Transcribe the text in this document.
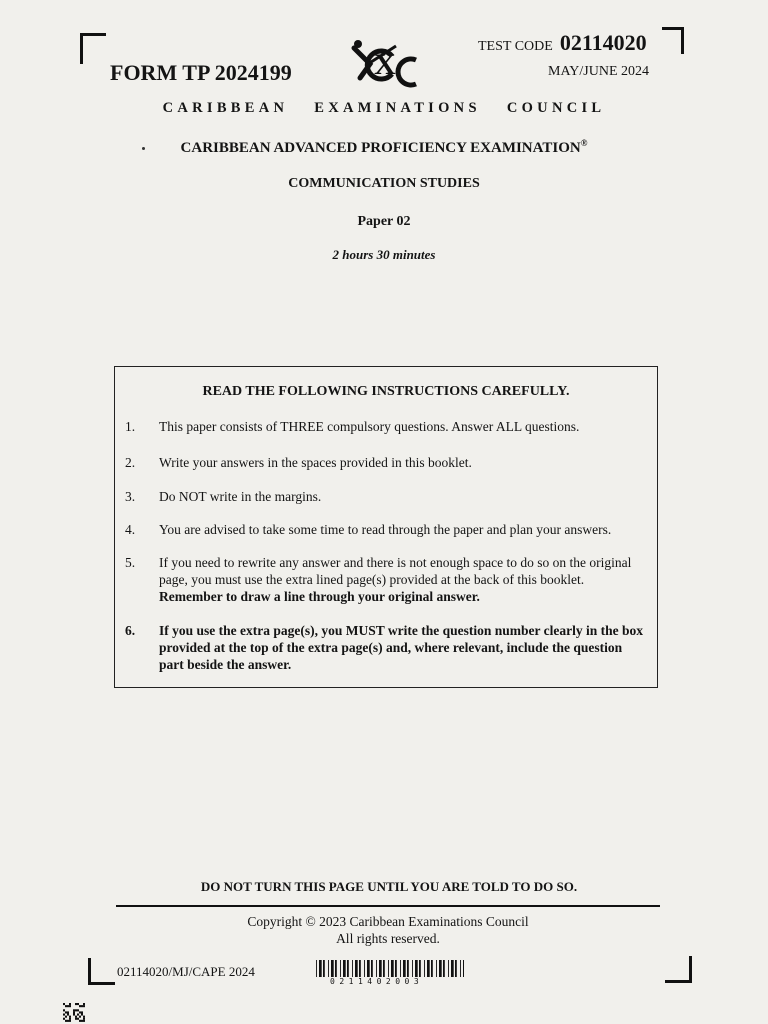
FORM TP 2024199	X
TEST CODE 02114020
MAY/JUNE 2024
CARIBBEAN EXAMINATIONS COUNCIL
CARIBBEAN ADVANCED PROFICIENCY EXAMINATION®
COMMUNICATION STUDIES
Paper 02
2 hours 30 minutes
READ THE FOLLOWING INSTRUCTIONS CAREFULLY.
1.	This paper consists of THREE compulsory questions. Answer ALL questions.
2.	Write your answers in the spaces provided in this booklet.
3.	Do NOT write in the margins.
4.	You are advised to take some time to read through the paper and plan your answers.
5.	If you need to rewrite any answer and there is not enough space to do so on the original page, you must use the extra lined page(s) provided at the back of this booklet. Remember to draw a line through your original answer.
6.	If you use the extra page(s), you MUST write the question number clearly in the box provided at the top of the extra page(s) and, where relevant, include the question part beside the answer.
DO NOT TURN THIS PAGE UNTIL YOU ARE TOLD TO DO SO.
Copyright © 2023 Caribbean Examinations Council
All rights reserved.
02114020/MJ/CAPE 2024
0211402003
